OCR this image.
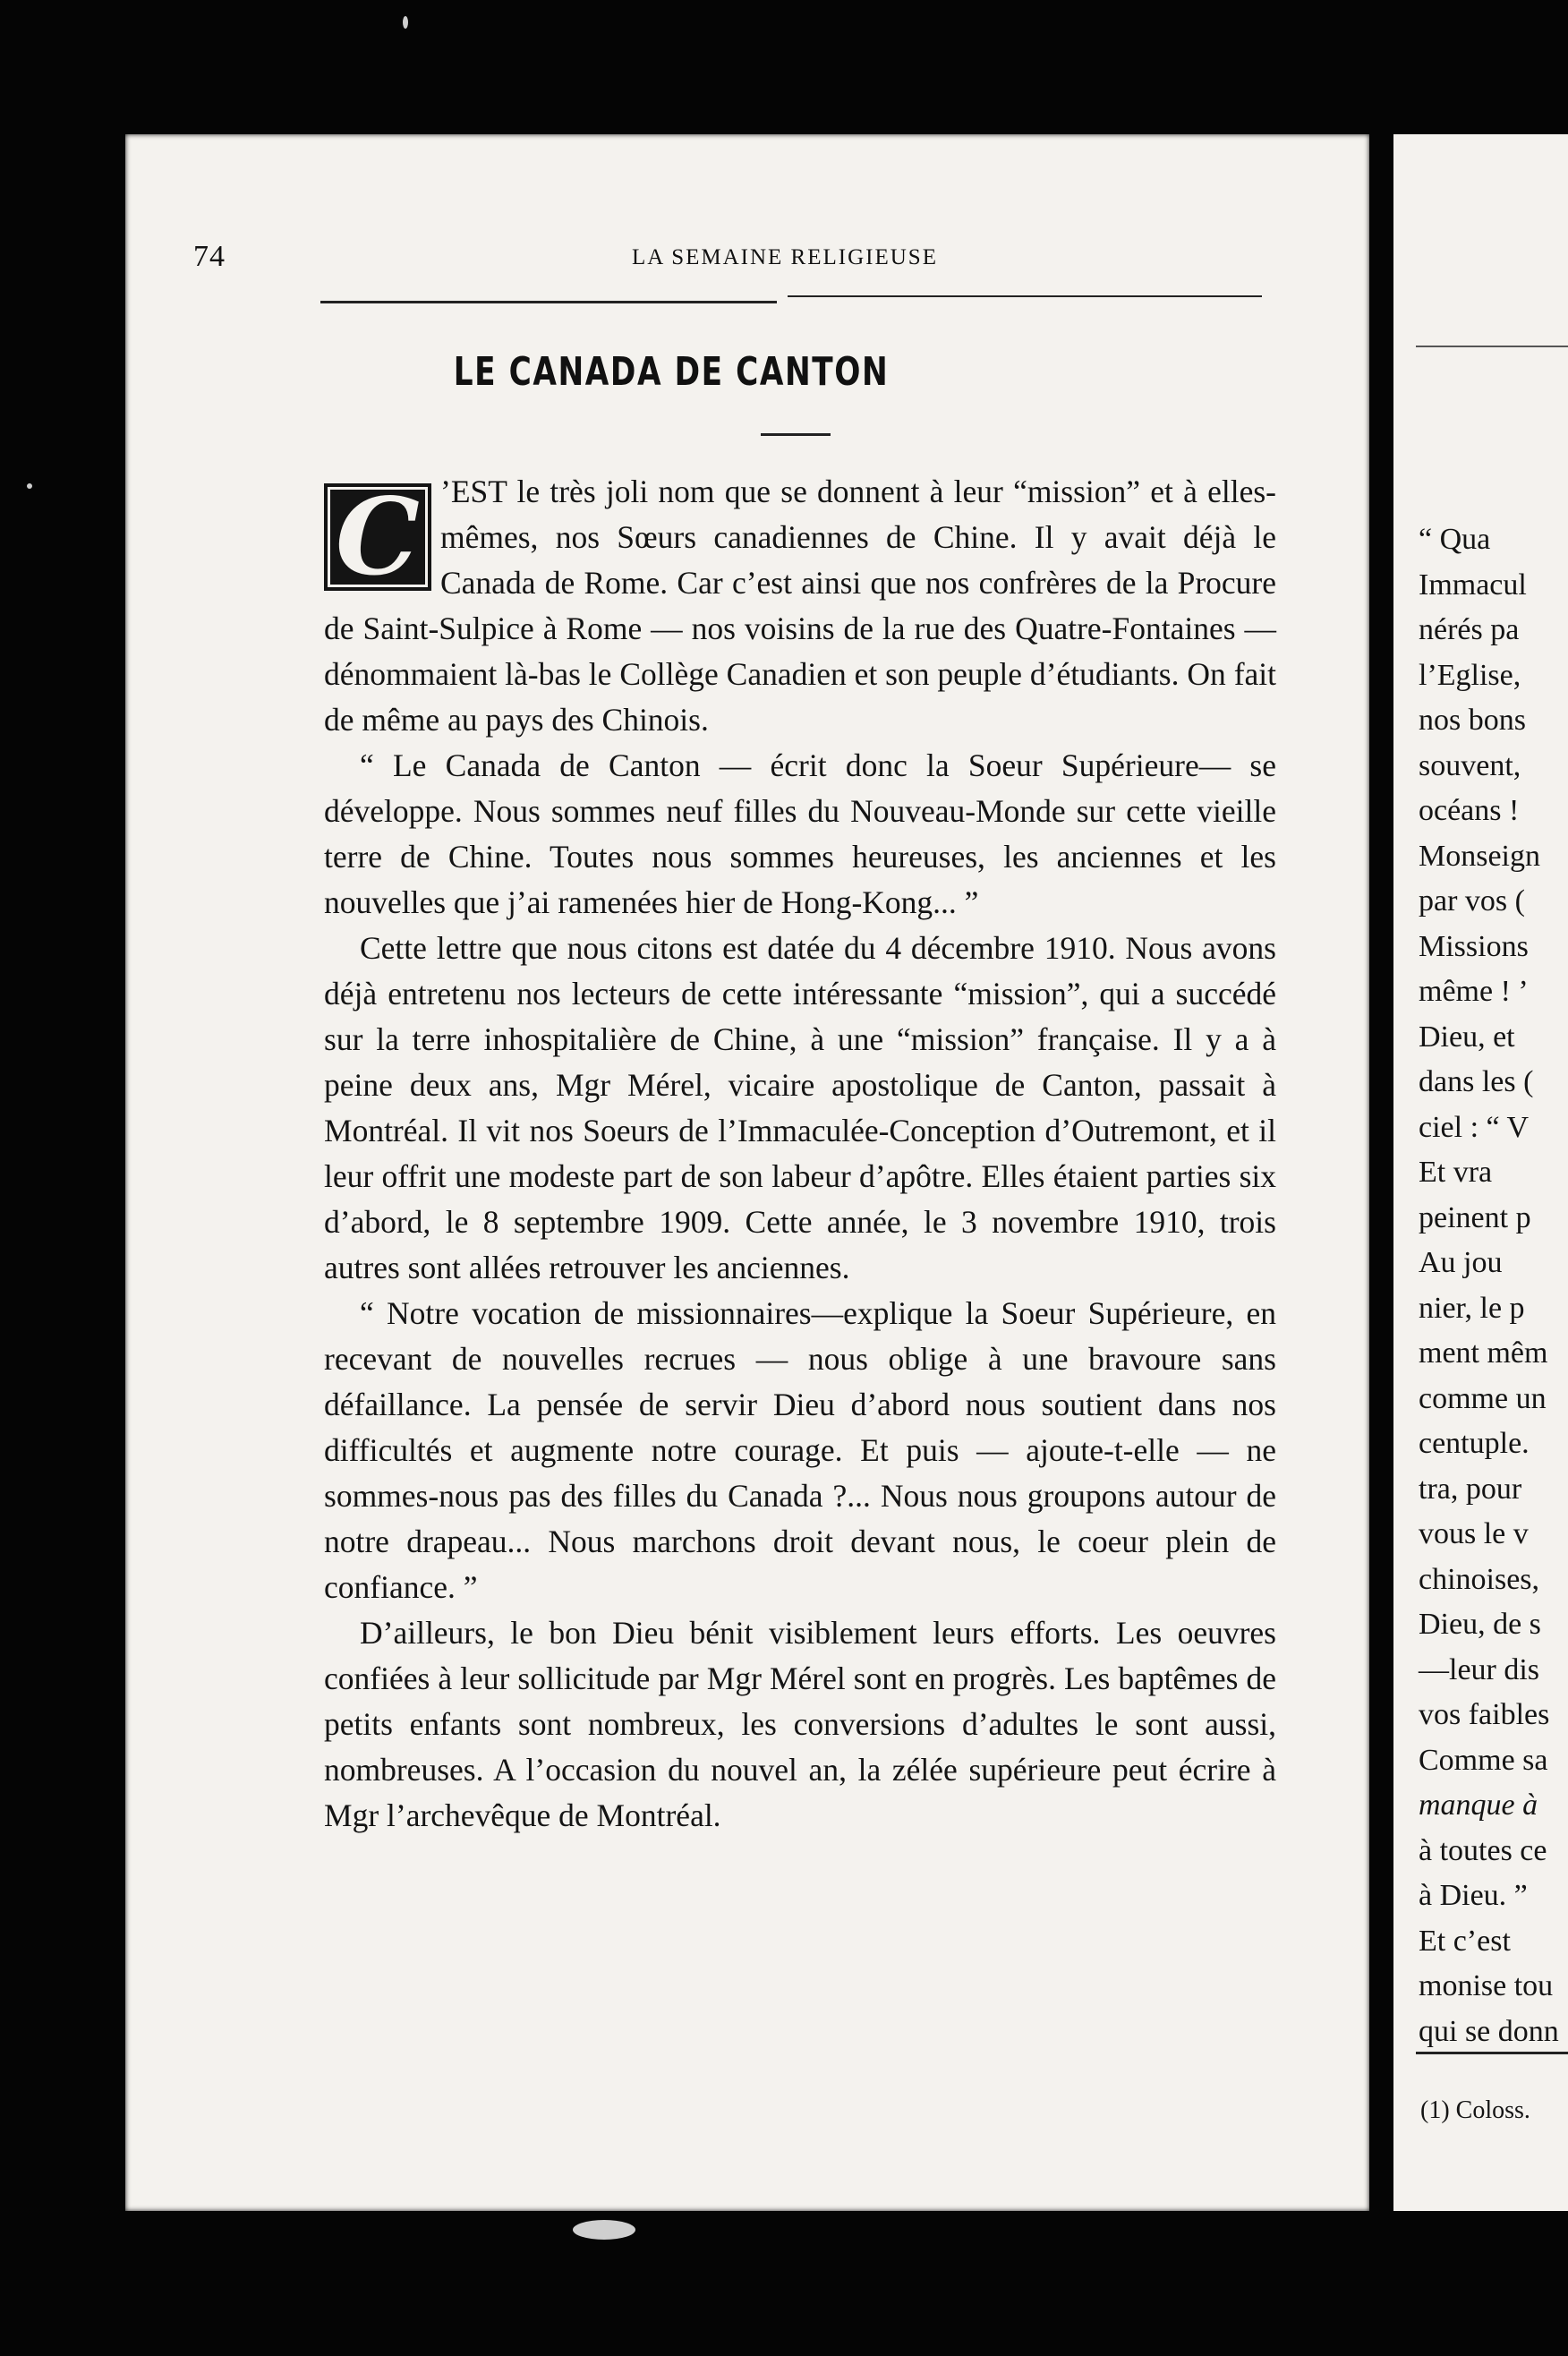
74	LA SEMAINE RELIGIEUSE
LE CANADA DE CANTON
C ’EST le très joli nom que se donnent à leur “mission” et à elles-mêmes, nos Sœurs canadiennes de Chine. Il y avait déjà le Canada de Rome. Car c’est ainsi que nos confrères de la Procure de Saint-Sulpice à Rome — nos voisins de la rue des Quatre-Fontaines — dénommaient là-bas le Collège Canadien et son peuple d’étudiants. On fait de même au pays des Chinois.

“ Le Canada de Canton — écrit donc la Soeur Supérieure— se développe. Nous sommes neuf filles du Nouveau-Monde sur cette vieille terre de Chine. Toutes nous sommes heureuses, les anciennes et les nouvelles que j’ai ramenées hier de Hong-Kong... ”

Cette lettre que nous citons est datée du 4 décembre 1910. Nous avons déjà entretenu nos lecteurs de cette intéressante “mission”, qui a succédé sur la terre inhospitalière de Chine, à une “mission” française. Il y a à peine deux ans, Mgr Mérel, vicaire apostolique de Canton, passait à Montréal. Il vit nos Soeurs de l’Immaculée-Conception d’Outremont, et il leur offrit une modeste part de son labeur d’apôtre. Elles étaient parties six d’abord, le 8 septembre 1909. Cette année, le 3 novembre 1910, trois autres sont allées retrouver les anciennes.

“ Notre vocation de missionnaires—explique la Soeur Supérieure, en recevant de nouvelles recrues — nous oblige à une bravoure sans défaillance. La pensée de servir Dieu d’abord nous soutient dans nos difficultés et augmente notre courage. Et puis — ajoute-t-elle — ne sommes-nous pas des filles du Canada ?... Nous nous groupons autour de notre drapeau... Nous marchons droit devant nous, le coeur plein de confiance. ”

D’ailleurs, le bon Dieu bénit visiblement leurs efforts. Les oeuvres confiées à leur sollicitude par Mgr Mérel sont en progrès. Les baptêmes de petits enfants sont nombreux, les conversions d’adultes le sont aussi, nombreuses. A l’occasion du nouvel an, la zélée supérieure peut écrire à Mgr l’archevêque de Montréal.

“ Qua
Immacul
nérés pa
l’Eglise,
nos bons
souvent,
océans !
Monseign
par vos (
Missions
même ! ’
Dieu, et
dans les (
ciel : “ V
Et vra
peinent p
Au jou
nier, le p
ment mêm
comme un
centuple.
tra, pour
vous le v
chinoises,
Dieu, de s
—leur dis
vos faibles
Comme sa
manque à
à toutes ce
à Dieu. ”
Et c’est
monise tou
qui se donn
(1) Coloss.
